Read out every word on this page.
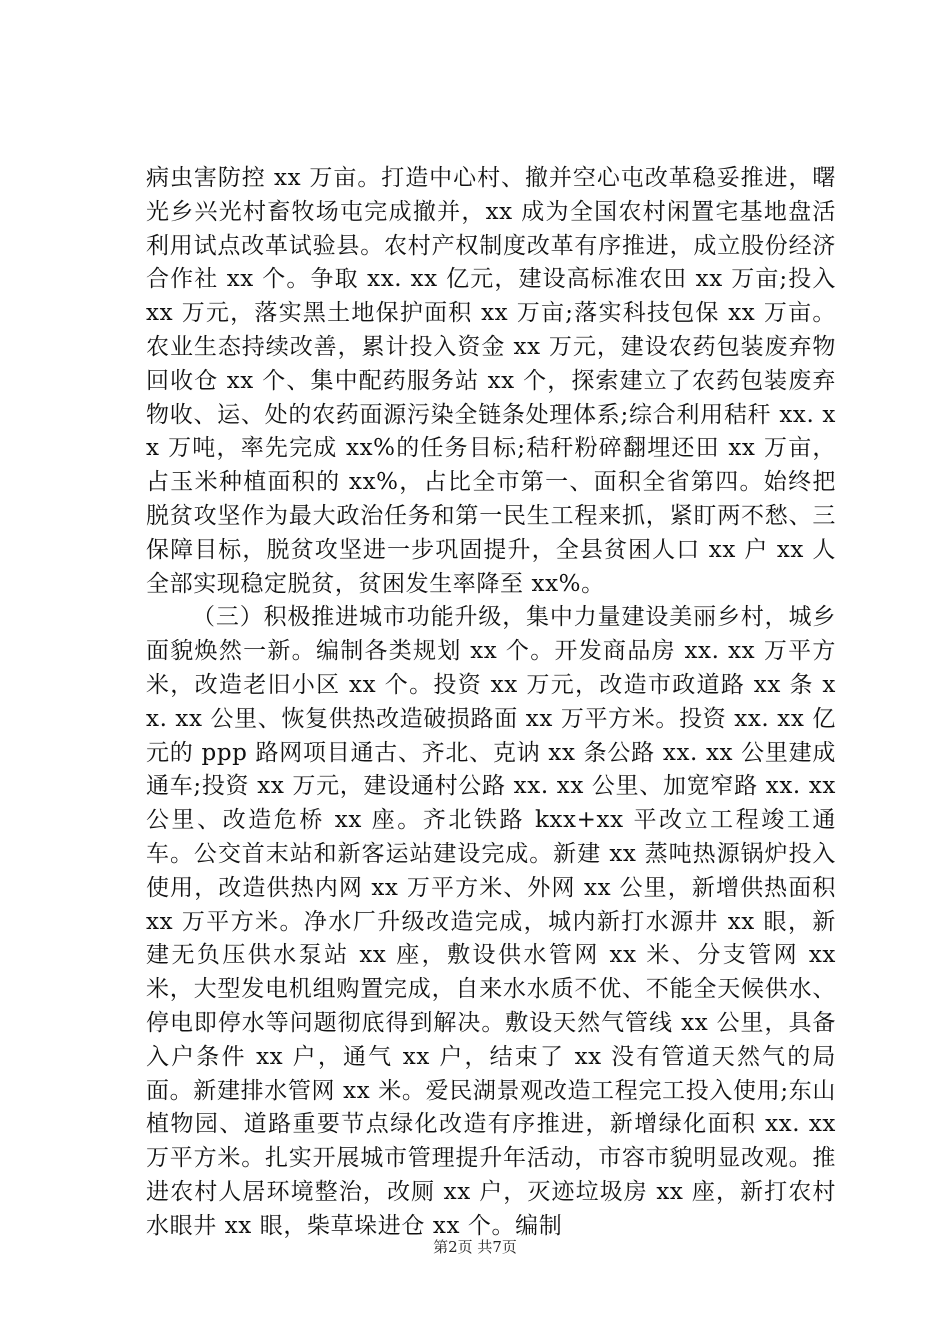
病虫害防控 xx 万亩。打造中心村、撤并空心屯改革稳妥推进，曙光乡兴光村畜牧场屯完成撤并，xx 成为全国农村闲置宅基地盘活利用试点改革试验县。农村产权制度改革有序推进，成立股份经济合作社 xx 个。争取 xx. xx 亿元，建设高标准农田 xx 万亩;投入 xx 万元，落实黑土地保护面积 xx 万亩;落实科技包保 xx 万亩。农业生态持续改善，累计投入资金 xx 万元，建设农药包装废弃物回收仓 xx 个、集中配药服务站 xx 个，探索建立了农药包装废弃物收、运、处的农药面源污染全链条处理体系;综合利用秸秆 xx. xx 万吨，率先完成 xx%的任务目标;秸秆粉碎翻埋还田 xx 万亩，占玉米种植面积的 xx%，占比全市第一、面积全省第四。始终把脱贫攻坚作为最大政治任务和第一民生工程来抓，紧盯两不愁、三保障目标，脱贫攻坚进一步巩固提升，全县贫困人口 xx 户 xx 人全部实现稳定脱贫，贫困发生率降至 xx%。

（三）积极推进城市功能升级，集中力量建设美丽乡村，城乡面貌焕然一新。编制各类规划 xx 个。开发商品房 xx. xx 万平方米，改造老旧小区 xx 个。投资 xx 万元，改造市政道路 xx 条 xx. xx 公里、恢复供热改造破损路面 xx 万平方米。投资 xx. xx 亿元的 ppp 路网项目通古、齐北、克讷 xx 条公路 xx. xx 公里建成通车;投资 xx 万元，建设通村公路 xx. xx 公里、加宽窄路 xx. xx 公里、改造危桥 xx 座。齐北铁路 kxx+xx 平改立工程竣工通车。公交首末站和新客运站建设完成。新建 xx 蒸吨热源锅炉投入使用，改造供热内网 xx 万平方米、外网 xx 公里，新增供热面积 xx 万平方米。净水厂升级改造完成，城内新打水源井 xx 眼，新建无负压供水泵站 xx 座，敷设供水管网 xx 米、分支管网 xx 米，大型发电机组购置完成，自来水水质不优、不能全天候供水、停电即停水等问题彻底得到解决。敷设天然气管线 xx 公里，具备入户条件 xx 户，通气 xx 户，结束了 xx 没有管道天然气的局面。新建排水管网 xx 米。爱民湖景观改造工程完工投入使用;东山植物园、道路重要节点绿化改造有序推进，新增绿化面积 xx. xx 万平方米。扎实开展城市管理提升年活动，市容市貌明显改观。推进农村人居环境整治，改厕 xx 户，灭迹垃圾房 xx 座，新打农村水眼井 xx 眼，柴草垛进仓 xx 个。编制

第2页 共7页
